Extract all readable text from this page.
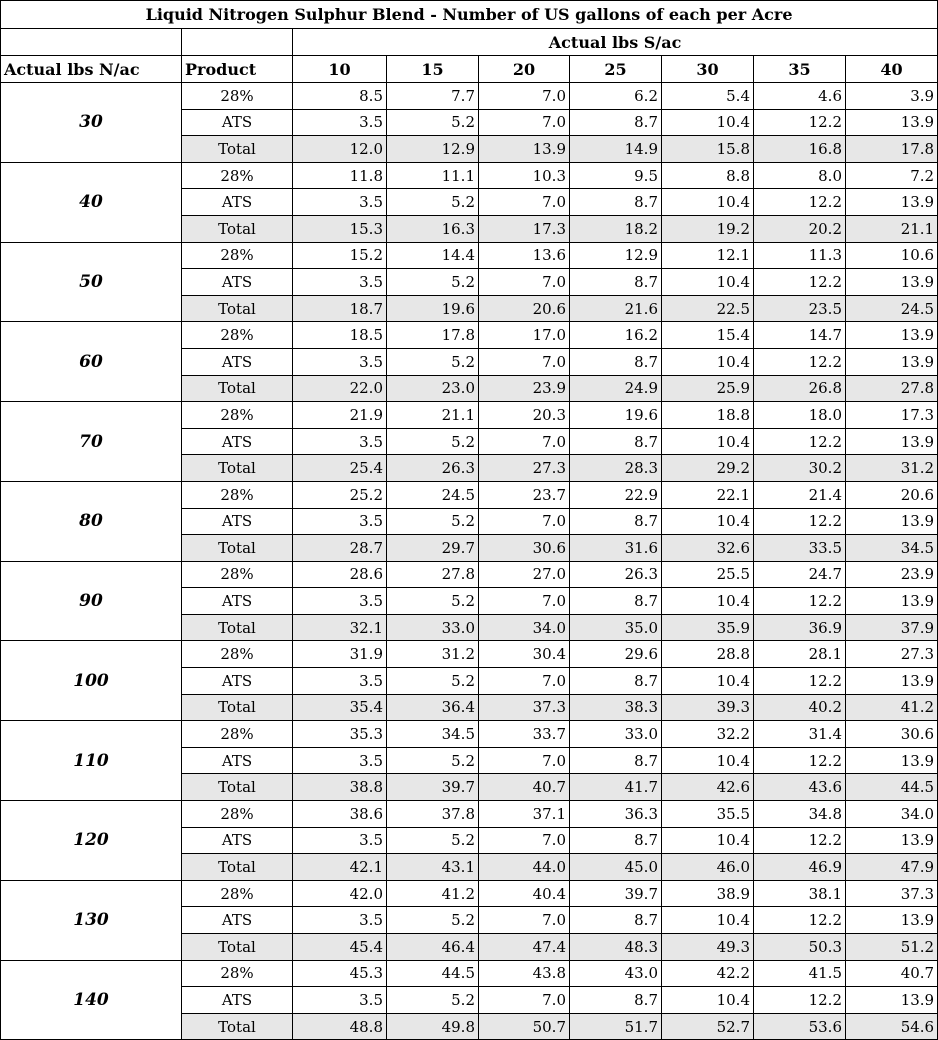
Liquid Nitrogen Sulphur Blend - Number of US gallons of each per Acre								
		Actual lbs S/ac						
Actual lbs N/ac	Product	10	15	20	25	30	35	40
30	28%	8.5	7.7	7.0	6.2	5.4	4.6	3.9
	ATS	3.5	5.2	7.0	8.7	10.4	12.2	13.9
	Total	12.0	12.9	13.9	14.9	15.8	16.8	17.8
40	28%	11.8	11.1	10.3	9.5	8.8	8.0	7.2
	ATS	3.5	5.2	7.0	8.7	10.4	12.2	13.9
	Total	15.3	16.3	17.3	18.2	19.2	20.2	21.1
50	28%	15.2	14.4	13.6	12.9	12.1	11.3	10.6
	ATS	3.5	5.2	7.0	8.7	10.4	12.2	13.9
	Total	18.7	19.6	20.6	21.6	22.5	23.5	24.5
60	28%	18.5	17.8	17.0	16.2	15.4	14.7	13.9
	ATS	3.5	5.2	7.0	8.7	10.4	12.2	13.9
	Total	22.0	23.0	23.9	24.9	25.9	26.8	27.8
70	28%	21.9	21.1	20.3	19.6	18.8	18.0	17.3
	ATS	3.5	5.2	7.0	8.7	10.4	12.2	13.9
	Total	25.4	26.3	27.3	28.3	29.2	30.2	31.2
80	28%	25.2	24.5	23.7	22.9	22.1	21.4	20.6
	ATS	3.5	5.2	7.0	8.7	10.4	12.2	13.9
	Total	28.7	29.7	30.6	31.6	32.6	33.5	34.5
90	28%	28.6	27.8	27.0	26.3	25.5	24.7	23.9
	ATS	3.5	5.2	7.0	8.7	10.4	12.2	13.9
	Total	32.1	33.0	34.0	35.0	35.9	36.9	37.9
100	28%	31.9	31.2	30.4	29.6	28.8	28.1	27.3
	ATS	3.5	5.2	7.0	8.7	10.4	12.2	13.9
	Total	35.4	36.4	37.3	38.3	39.3	40.2	41.2
110	28%	35.3	34.5	33.7	33.0	32.2	31.4	30.6
	ATS	3.5	5.2	7.0	8.7	10.4	12.2	13.9
	Total	38.8	39.7	40.7	41.7	42.6	43.6	44.5
120	28%	38.6	37.8	37.1	36.3	35.5	34.8	34.0
	ATS	3.5	5.2	7.0	8.7	10.4	12.2	13.9
	Total	42.1	43.1	44.0	45.0	46.0	46.9	47.9
130	28%	42.0	41.2	40.4	39.7	38.9	38.1	37.3
	ATS	3.5	5.2	7.0	8.7	10.4	12.2	13.9
	Total	45.4	46.4	47.4	48.3	49.3	50.3	51.2
140	28%	45.3	44.5	43.8	43.0	42.2	41.5	40.7
	ATS	3.5	5.2	7.0	8.7	10.4	12.2	13.9
	Total	48.8	49.8	50.7	51.7	52.7	53.6	54.6
